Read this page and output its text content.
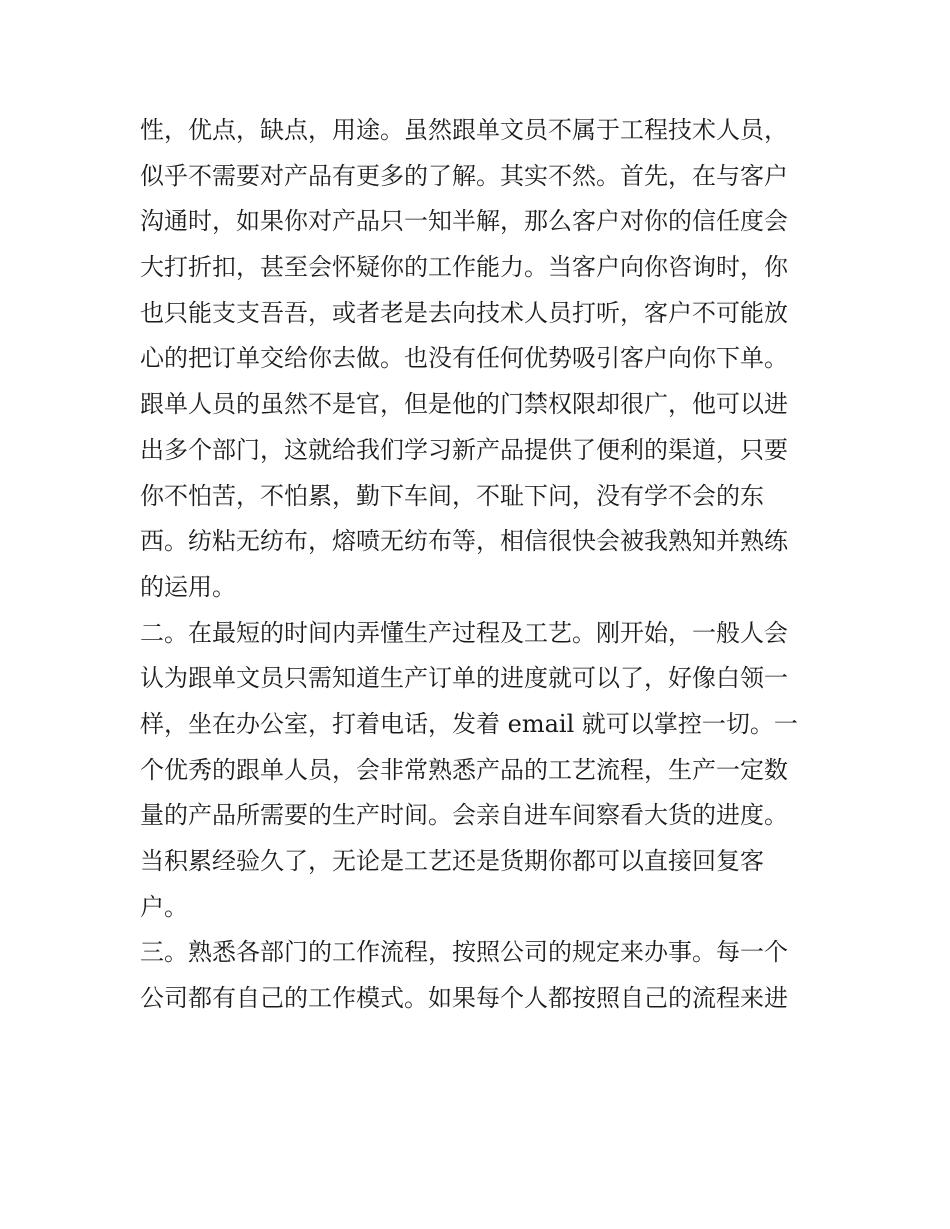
性，优点，缺点，用途。虽然跟单文员不属于工程技术人员，
似乎不需要对产品有更多的了解。其实不然。首先，在与客户
沟通时，如果你对产品只一知半解，那么客户对你的信任度会
大打折扣，甚至会怀疑你的工作能力。当客户向你咨询时，你
也只能支支吾吾，或者老是去向技术人员打听，客户不可能放
心的把订单交给你去做。也没有任何优势吸引客户向你下单。
跟单人员的虽然不是官，但是他的门禁权限却很广，他可以进
出多个部门，这就给我们学习新产品提供了便利的渠道，只要
你不怕苦，不怕累，勤下车间，不耻下问，没有学不会的东
西。纺粘无纺布，熔喷无纺布等，相信很快会被我熟知并熟练
的运用。
二。在最短的时间内弄懂生产过程及工艺。刚开始，一般人会
认为跟单文员只需知道生产订单的进度就可以了，好像白领一
样，坐在办公室，打着电话，发着 email 就可以掌控一切。一
个优秀的跟单人员，会非常熟悉产品的工艺流程，生产一定数
量的产品所需要的生产时间。会亲自进车间察看大货的进度。
当积累经验久了，无论是工艺还是货期你都可以直接回复客
户。
三。熟悉各部门的工作流程，按照公司的规定来办事。每一个
公司都有自己的工作模式。如果每个人都按照自己的流程来进
